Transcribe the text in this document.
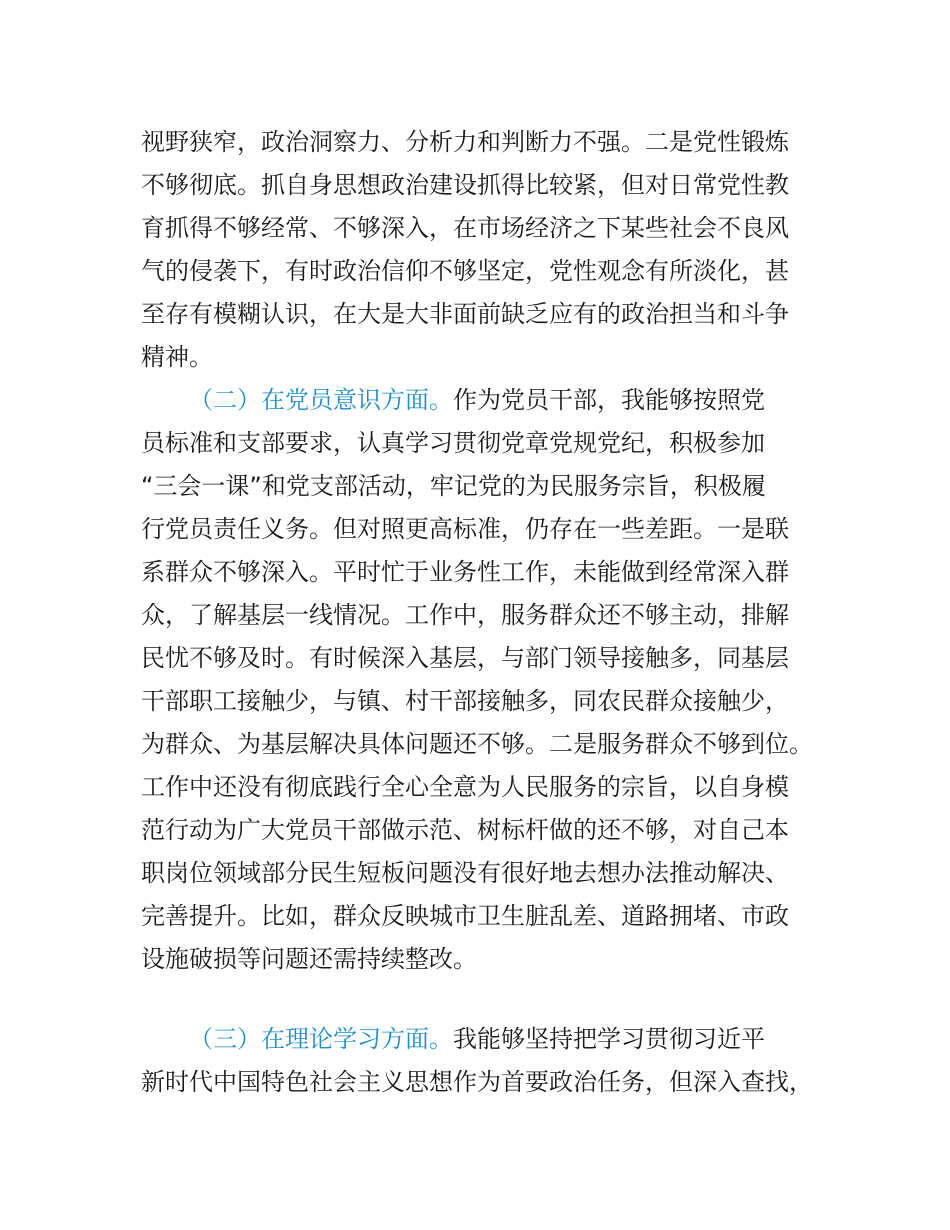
视野狭窄，政治洞察力、分析力和判断力不强。二是党性锻炼
不够彻底。抓自身思想政治建设抓得比较紧，但对日常党性教
育抓得不够经常、不够深入，在市场经济之下某些社会不良风
气的侵袭下，有时政治信仰不够坚定，党性观念有所淡化，甚
至存有模糊认识，在大是大非面前缺乏应有的政治担当和斗争
精神。
（二）在党员意识方面。作为党员干部，我能够按照党
员标准和支部要求，认真学习贯彻党章党规党纪，积极参加
“三会一课”和党支部活动，牢记党的为民服务宗旨，积极履
行党员责任义务。但对照更高标准，仍存在一些差距。一是联
系群众不够深入。平时忙于业务性工作，未能做到经常深入群
众，了解基层一线情况。工作中，服务群众还不够主动，排解
民忧不够及时。有时候深入基层，与部门领导接触多，同基层
干部职工接触少，与镇、村干部接触多，同农民群众接触少，
为群众、为基层解决具体问题还不够。二是服务群众不够到位。
工作中还没有彻底践行全心全意为人民服务的宗旨，以自身模
范行动为广大党员干部做示范、树标杆做的还不够，对自己本
职岗位领域部分民生短板问题没有很好地去想办法推动解决、
完善提升。比如，群众反映城市卫生脏乱差、道路拥堵、市政
设施破损等问题还需持续整改。
（三）在理论学习方面。我能够坚持把学习贯彻习近平
新时代中国特色社会主义思想作为首要政治任务，但深入查找，
